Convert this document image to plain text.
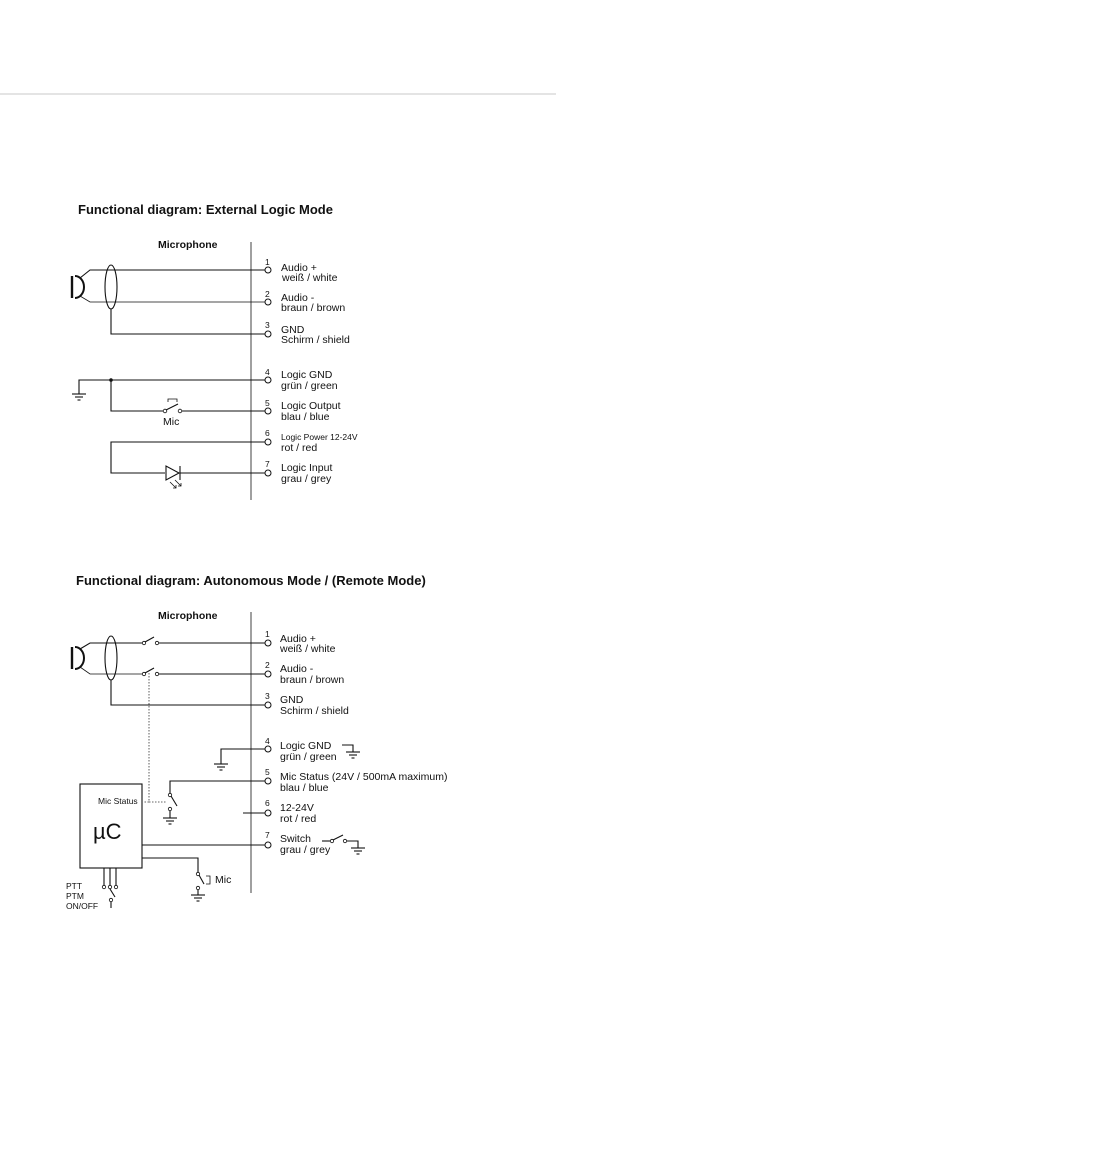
Functional diagram: External Logic Mode
Microphone
Mic
1 Audio +
weiß / white
2 Audio -
braun / brown
3 GND
Schirm / shield
4 Logic GND
grün / green
5 Logic Output
blau / blue
6 Logic Power 12-24V
rot / red
7 Logic Input
grau / grey
Functional diagram: Autonomous Mode / (Remote Mode)
Microphone
Mic Status
µC
Mic
PTT
PTM
ON/OFF
1 Audio +
weiß / white
2 Audio -
braun / brown
3 GND
Schirm / shield
4 Logic GND
grün / green
5 Mic Status (24V / 500mA maximum)
blau / blue
6 12-24V
rot / red
7 Switch
grau / grey
